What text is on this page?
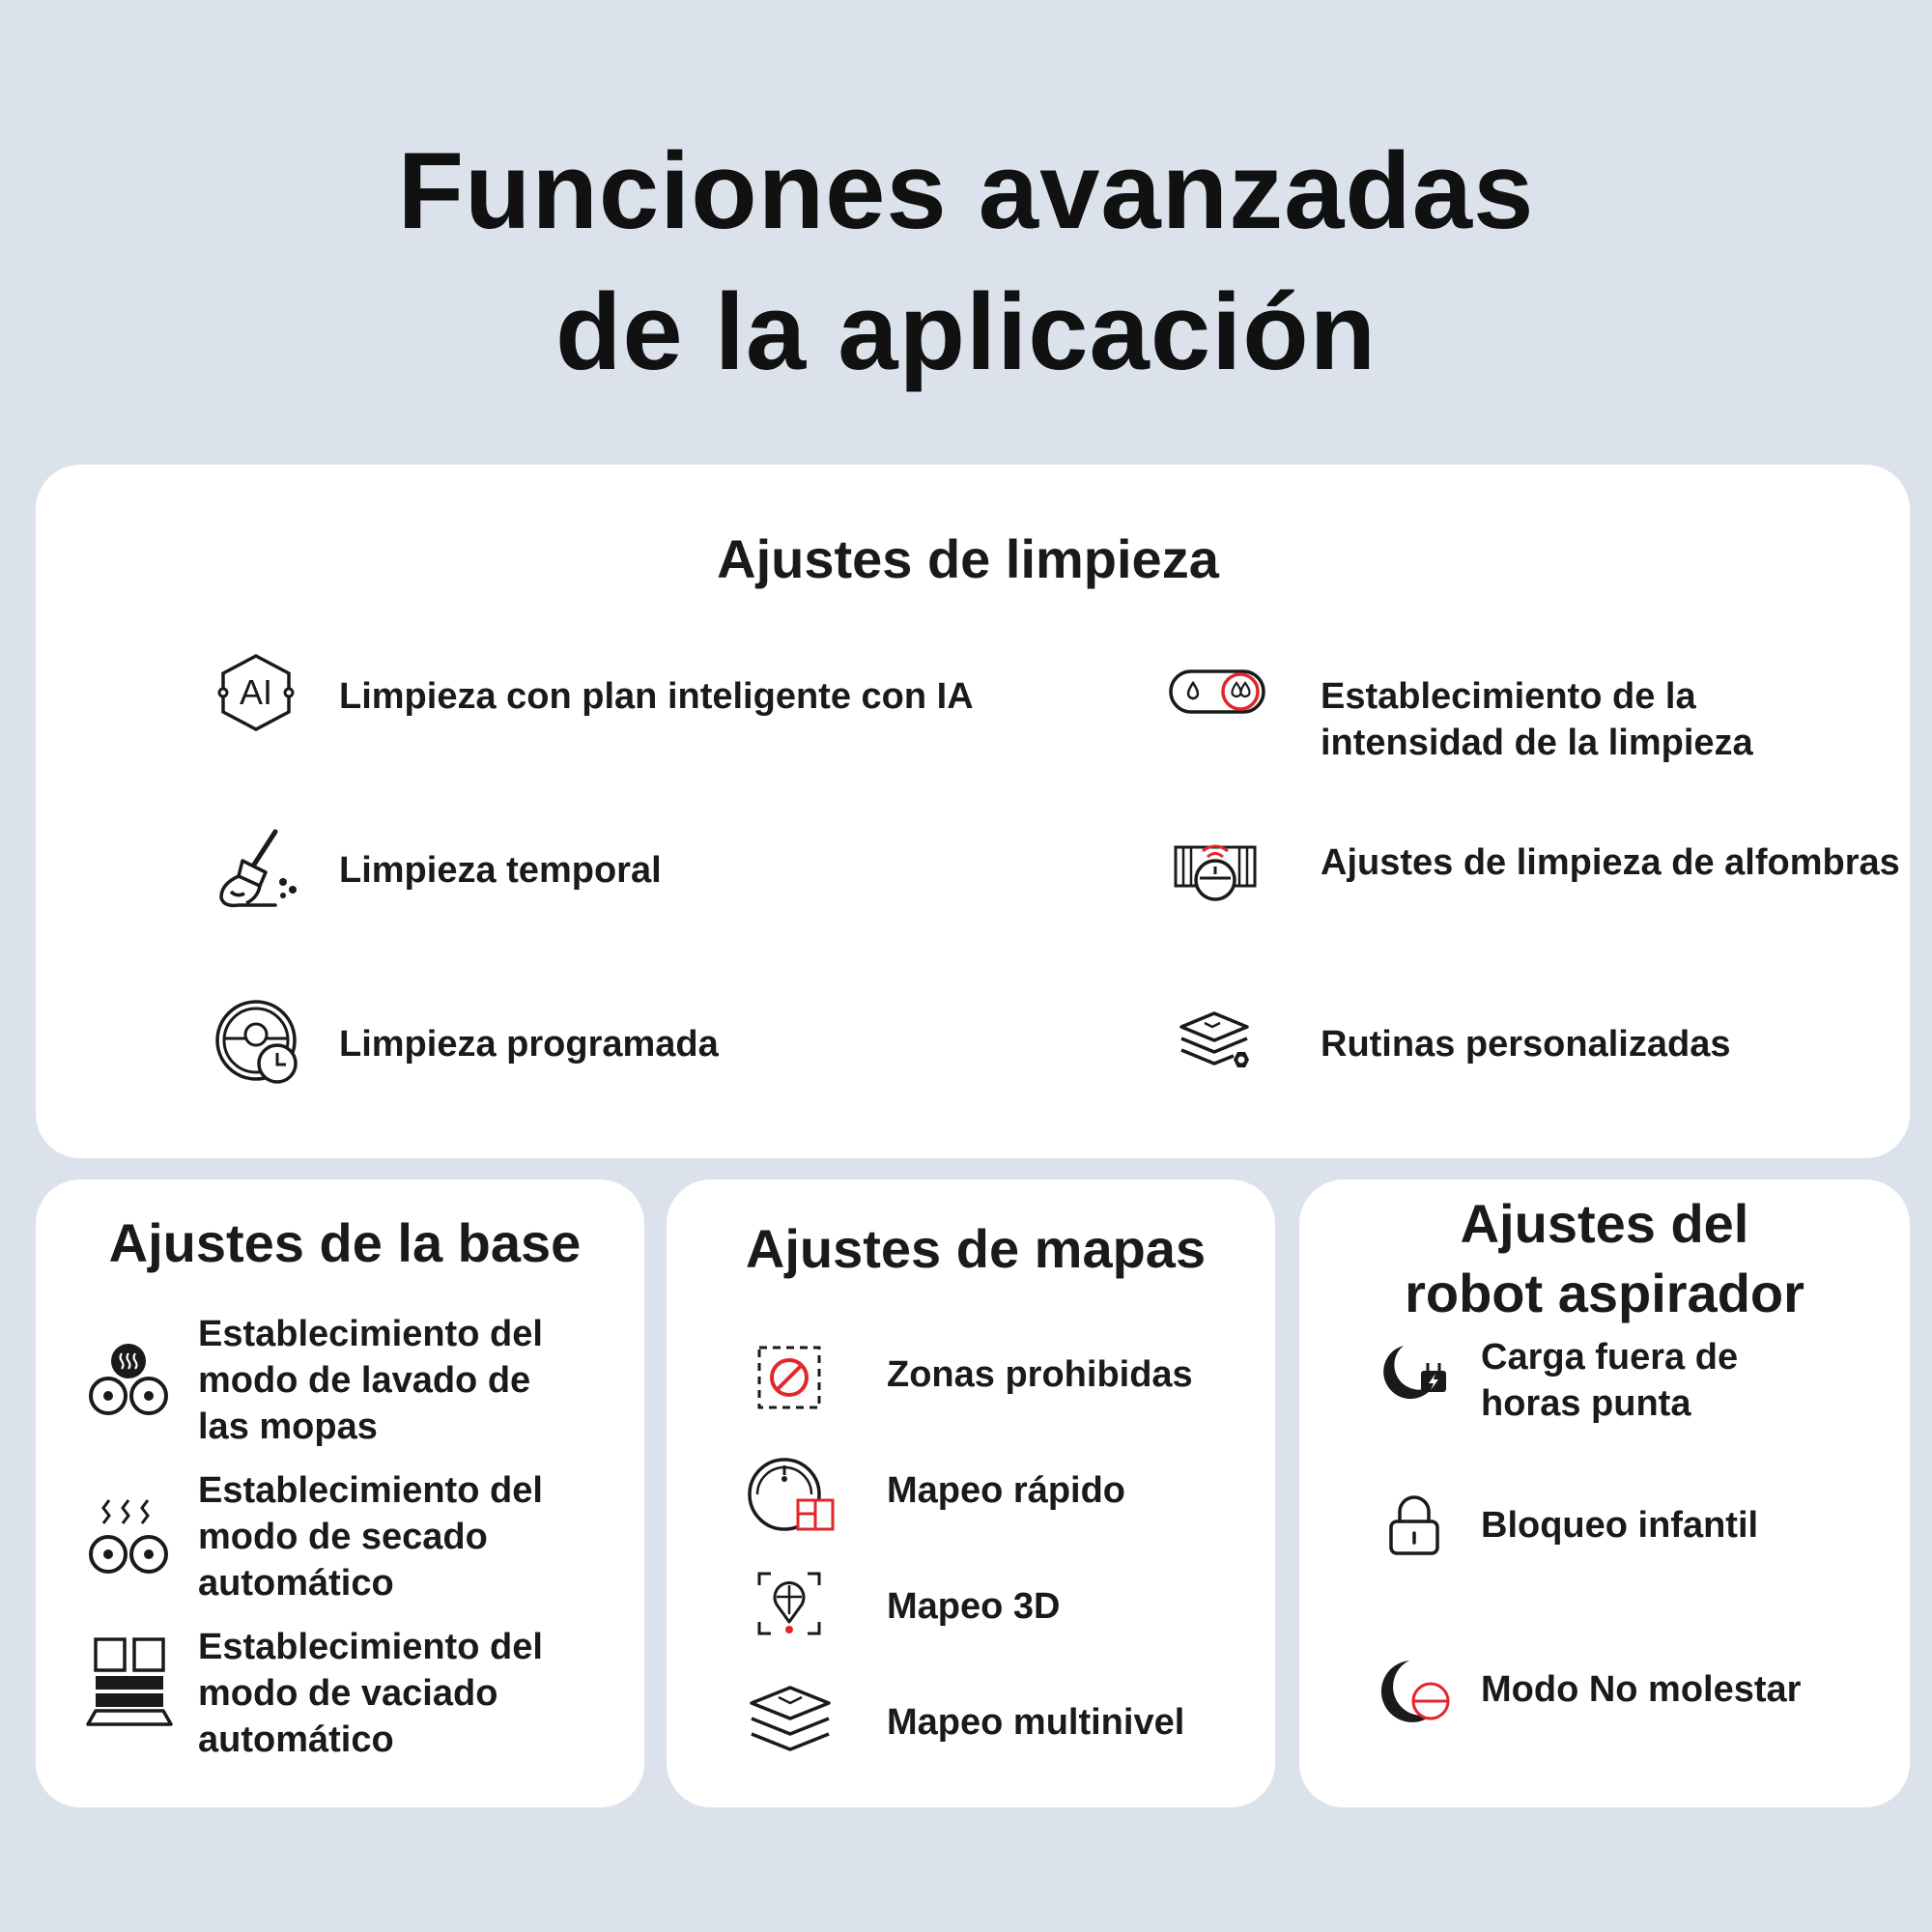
Funciones avanzadas
de la aplicación
Ajustes de limpieza
AI Limpieza con plan inteligente con IA	Establecimiento de la
intensidad de la limpieza
Limpieza temporal	Ajustes de limpieza de alfombras
Limpieza programada	Rutinas personalizadas
Ajustes de la base
Establecimiento del
modo de lavado de
las mopas
Establecimiento del
modo de secado
automático
Establecimiento del
modo de vaciado
automático
Ajustes de mapas
Zonas prohibidas
Mapeo rápido
Mapeo 3D
Mapeo multinivel
Ajustes del
robot aspirador
Carga fuera de
horas punta
Bloqueo infantil
Modo No molestar
